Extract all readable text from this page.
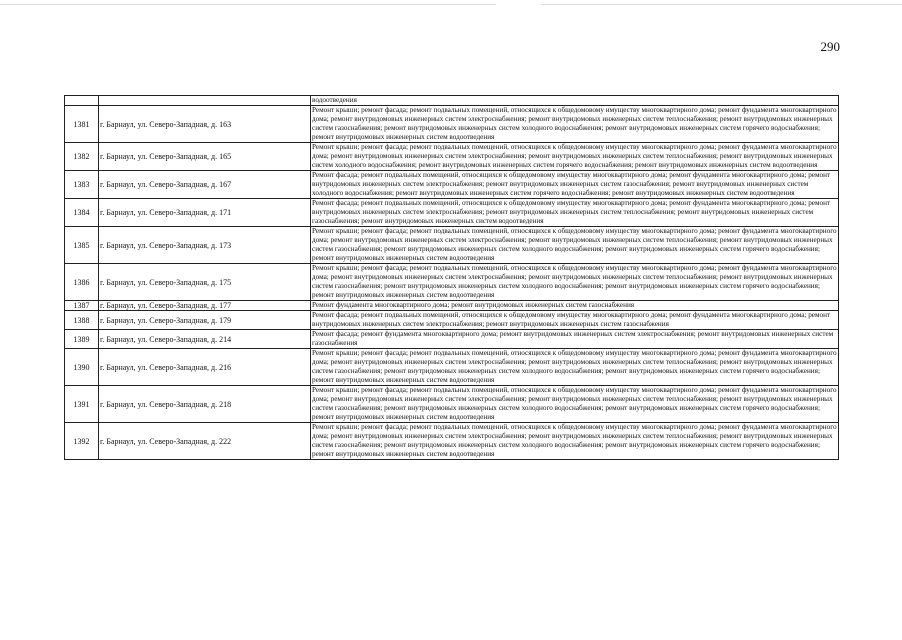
290
		водоотведения
1381	г. Барнаул, ул. Северо-Западная, д. 163	Ремонт крыши; ремонт фасада; ремонт подвальных помещений, относящихся к общедомовому имуществу многоквартирного дома; ремонт фундамента многоквартирного дома; ремонт внутридомовых инженерных систем электроснабжения; ремонт внутридомовых инженерных систем теплоснабжения; ремонт внутридомовых инженерных систем газоснабжения; ремонт внутридомовых инженерных систем холодного водоснабжения; ремонт внутридомовых инженерных систем горячего водоснабжения; ремонт внутридомовых инженерных систем водоотведения
1382	г. Барнаул, ул. Северо-Западная, д. 165	Ремонт крыши; ремонт фасада; ремонт подвальных помещений, относящихся к общедомовому имуществу многоквартирного дома; ремонт фундамента многоквартирного дома; ремонт внутридомовых инженерных систем электроснабжения; ремонт внутридомовых инженерных систем теплоснабжения; ремонт внутридомовых инженерных систем холодного водоснабжения; ремонт внутридомовых инженерных систем горячего водоснабжения; ремонт внутридомовых инженерных систем водоотведения
1383	г. Барнаул, ул. Северо-Западная, д. 167	Ремонт фасада; ремонт подвальных помещений, относящихся к общедомовому имуществу многоквартирного дома; ремонт фундамента многоквартирного дома; ремонт внутридомовых инженерных систем электроснабжения; ремонт внутридомовых инженерных систем газоснабжения; ремонт внутридомовых инженерных систем холодного водоснабжения; ремонт внутридомовых инженерных систем горячего водоснабжения; ремонт внутридомовых инженерных систем водоотведения
1384	г. Барнаул, ул. Северо-Западная, д. 171	Ремонт фасада; ремонт подвальных помещений, относящихся к общедомовому имуществу многоквартирного дома; ремонт фундамента многоквартирного дома; ремонт внутридомовых инженерных систем электроснабжения; ремонт внутридомовых инженерных систем теплоснабжения; ремонт внутридомовых инженерных систем газоснабжения; ремонт внутридомовых инженерных систем водоотведения
1385	г. Барнаул, ул. Северо-Западная, д. 173	Ремонт крыши; ремонт фасада; ремонт подвальных помещений, относящихся к общедомовому имуществу многоквартирного дома; ремонт фундамента многоквартирного дома; ремонт внутридомовых инженерных систем электроснабжения; ремонт внутридомовых инженерных систем теплоснабжения; ремонт внутридомовых инженерных систем газоснабжения; ремонт внутридомовых инженерных систем холодного водоснабжения; ремонт внутридомовых инженерных систем горячего водоснабжения; ремонт внутридомовых инженерных систем водоотведения
1386	г. Барнаул, ул. Северо-Западная, д. 175	Ремонт крыши; ремонт фасада; ремонт подвальных помещений, относящихся к общедомовому имуществу многоквартирного дома; ремонт фундамента многоквартирного дома; ремонт внутридомовых инженерных систем электроснабжения; ремонт внутридомовых инженерных систем теплоснабжения; ремонт внутридомовых инженерных систем газоснабжения; ремонт внутридомовых инженерных систем холодного водоснабжения; ремонт внутридомовых инженерных систем горячего водоснабжения; ремонт внутридомовых инженерных систем водоотведения
1387	г. Барнаул, ул. Северо-Западная, д. 177	Ремонт фундамента многоквартирного дома; ремонт внутридомовых инженерных систем газоснабжения
1388	г. Барнаул, ул. Северо-Западная, д. 179	Ремонт фасада; ремонт подвальных помещений, относящихся к общедомовому имуществу многоквартирного дома; ремонт фундамента многоквартирного дома; ремонт внутридомовых инженерных систем электроснабжения; ремонт внутридомовых инженерных систем газоснабжения
1389	г. Барнаул, ул. Северо-Западная, д. 214	Ремонт фасада; ремонт фундамента многоквартирного дома; ремонт внутридомовых инженерных систем электроснабжения; ремонт внутридомовых инженерных систем газоснабжения
1390	г. Барнаул, ул. Северо-Западная, д. 216	Ремонт крыши; ремонт фасада; ремонт подвальных помещений, относящихся к общедомовому имуществу многоквартирного дома; ремонт фундамента многоквартирного дома; ремонт внутридомовых инженерных систем электроснабжения; ремонт внутридомовых инженерных систем теплоснабжения; ремонт внутридомовых инженерных систем газоснабжения; ремонт внутридомовых инженерных систем холодного водоснабжения; ремонт внутридомовых инженерных систем горячего водоснабжения; ремонт внутридомовых инженерных систем водоотведения
1391	г. Барнаул, ул. Северо-Западная, д. 218	Ремонт крыши; ремонт фасада; ремонт подвальных помещений, относящихся к общедомовому имуществу многоквартирного дома; ремонт фундамента многоквартирного дома; ремонт внутридомовых инженерных систем электроснабжения; ремонт внутридомовых инженерных систем теплоснабжения; ремонт внутридомовых инженерных систем газоснабжения; ремонт внутридомовых инженерных систем холодного водоснабжения; ремонт внутридомовых инженерных систем горячего водоснабжения; ремонт внутридомовых инженерных систем водоотведения
1392	г. Барнаул, ул. Северо-Западная, д. 222	Ремонт крыши; ремонт фасада; ремонт подвальных помещений, относящихся к общедомовому имуществу многоквартирного дома; ремонт фундамента многоквартирного дома; ремонт внутридомовых инженерных систем электроснабжения; ремонт внутридомовых инженерных систем теплоснабжения; ремонт внутридомовых инженерных систем газоснабжения; ремонт внутридомовых инженерных систем холодного водоснабжения; ремонт внутридомовых инженерных систем горячего водоснабжения; ремонт внутридомовых инженерных систем водоотведения
